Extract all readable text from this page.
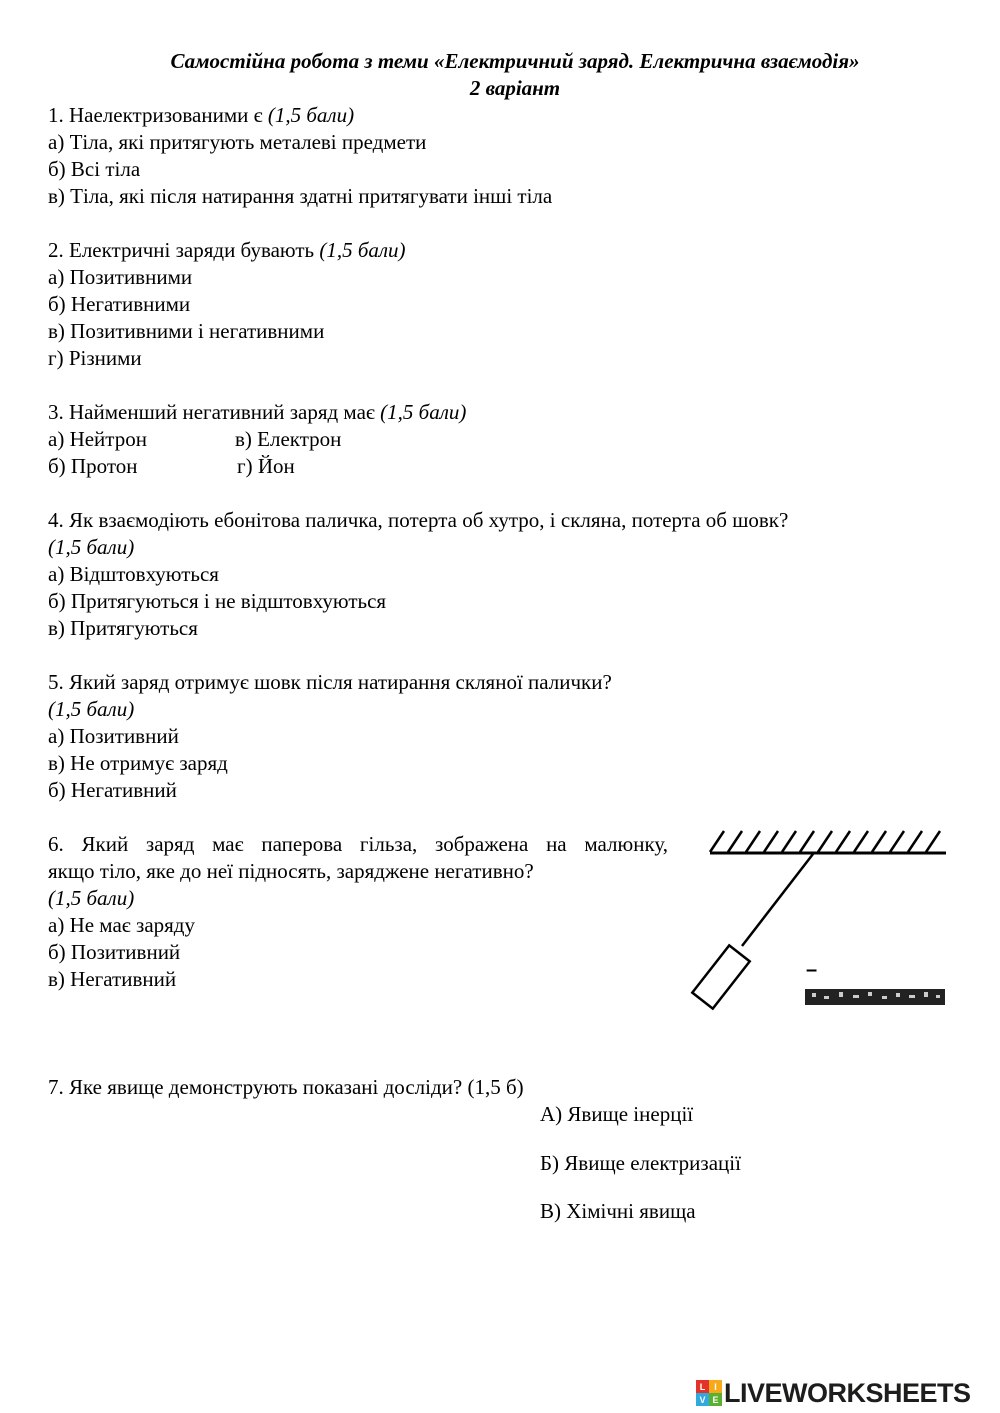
Самостійна робота з теми «Електричний заряд. Електрична взаємодія»
2 варіант
1. Наелектризованими є (1,5 бали)
а) Тіла, які притягують металеві предмети
б) Всі тіла
в) Тіла, які після натирання здатні притягувати інші тіла
2. Електричні заряди бувають (1,5 бали)
а) Позитивними
б) Негативними
в) Позитивними і негативними
г) Різними
3. Найменший негативний заряд має (1,5 бали)
а) Нейтрон	в) Електрон
б) Протон	г) Йон
4. Як взаємодіють ебонітова паличка, потерта об хутро, і скляна, потерта об шовк?
(1,5 бали)
а) Відштовхуються
б) Притягуються і не відштовхуються
в) Притягуються
5. Який заряд отримує шовк після натирання скляної палички?
(1,5 бали)
а) Позитивний
в) Не отримує заряд
б) Негативний
6. Який заряд має паперова гільза, зображена на малюнку,
якщо тіло, яке до неї підносять, заряджене негативно?
(1,5 бали)
а) Не має заряду
б) Позитивний
в) Негативний	–
7. Яке явище демонструють показані досліди? (1,5 б)
А) Явище інерції
Б) Явище електризації
В) Хімічні явища
L I
V E LIVEWORKSHEETS
